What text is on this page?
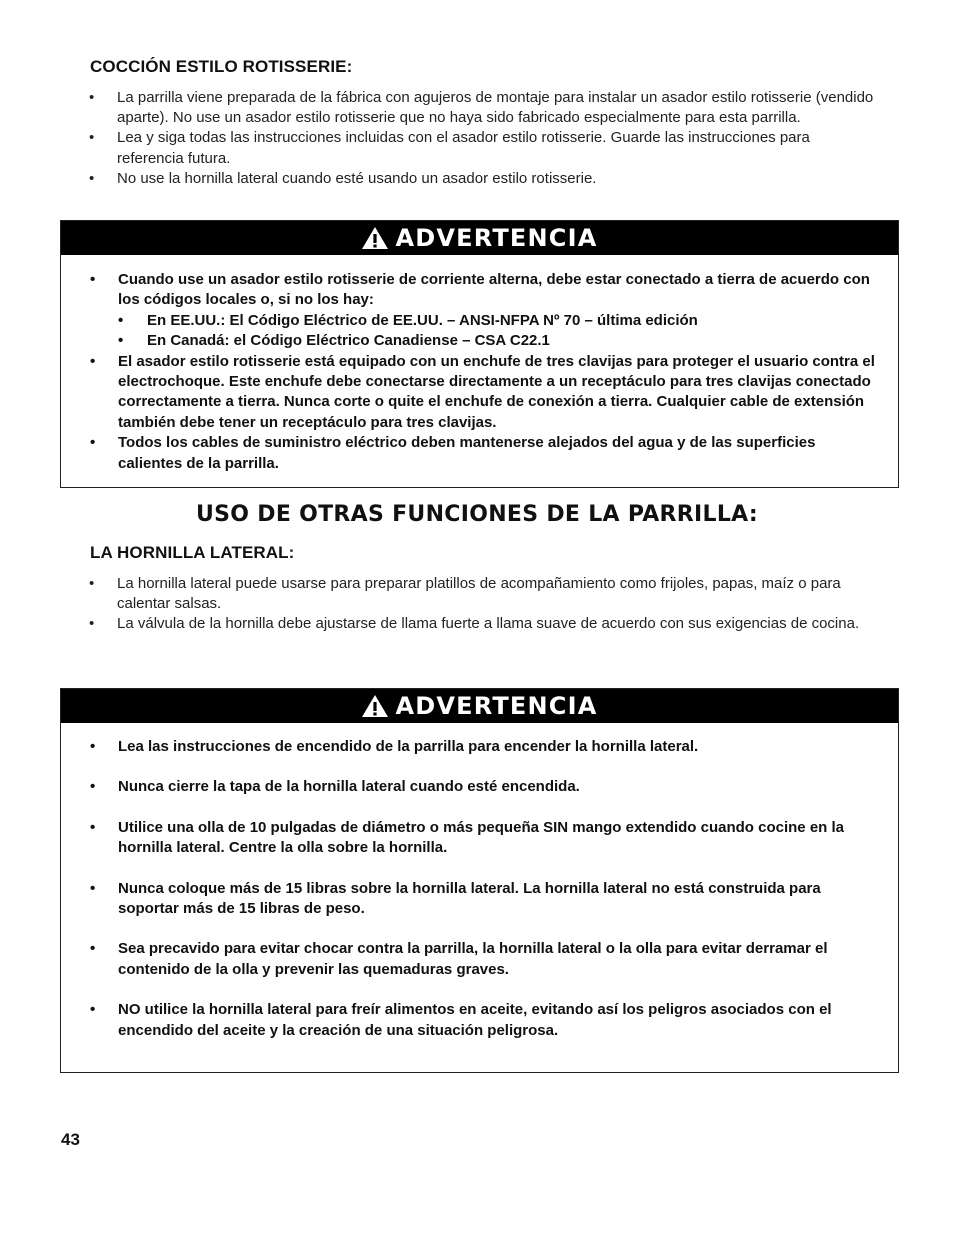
COCCIÓN ESTILO ROTISSERIE:
• La parrilla viene preparada de la fábrica con agujeros de montaje para instalar un asador estilo rotisserie (vendido aparte). No use un asador estilo rotisserie que no haya sido fabricado especialmente para esta parrilla.
• Lea y siga todas las instrucciones incluidas con el asador estilo rotisserie. Guarde las instrucciones para referencia futura.
• No use la hornilla lateral cuando esté usando un asador estilo rotisserie.
ADVERTENCIA
• Cuando use un asador estilo rotisserie de corriente alterna, debe estar conectado a tierra de acuerdo con los códigos locales o, si no los hay:
• En EE.UU.: El Código Eléctrico de EE.UU. – ANSI-NFPA Nº 70 – última edición
• En Canadá: el Código Eléctrico Canadiense – CSA C22.1
• El asador estilo rotisserie está equipado con un enchufe de tres clavijas para proteger el usuario contra el electrochoque. Este enchufe debe conectarse directamente a un receptáculo para tres clavijas conectado correctamente a tierra. Nunca corte o quite el enchufe de conexión a tierra. Cualquier cable de extensión también debe tener un receptáculo para tres clavijas.
• Todos los cables de suministro eléctrico deben mantenerse alejados del agua y de las superficies calientes de la parrilla.
USO DE OTRAS FUNCIONES DE LA PARRILLA:
LA HORNILLA LATERAL:
• La hornilla lateral puede usarse para preparar platillos de acompañamiento como frijoles, papas, maíz o para calentar salsas.
• La válvula de la hornilla debe ajustarse de llama fuerte a llama suave de acuerdo con sus exigencias de cocina.
ADVERTENCIA
• Lea las instrucciones de encendido de la parrilla para encender la hornilla lateral.
• Nunca cierre la tapa de la hornilla lateral cuando esté encendida.
• Utilice una olla de 10 pulgadas de diámetro o más pequeña SIN mango extendido cuando cocine en la hornilla lateral. Centre la olla sobre la hornilla.
• Nunca coloque más de 15 libras sobre la hornilla lateral. La hornilla lateral no está construida para soportar más de 15 libras de peso.
• Sea precavido para evitar chocar contra la parrilla, la hornilla lateral o la olla para evitar derramar el contenido de la olla y prevenir las quemaduras graves.
• NO utilice la hornilla lateral para freír alimentos en aceite, evitando así los peligros asociados con el encendido del aceite y la creación de una situación peligrosa.
43
